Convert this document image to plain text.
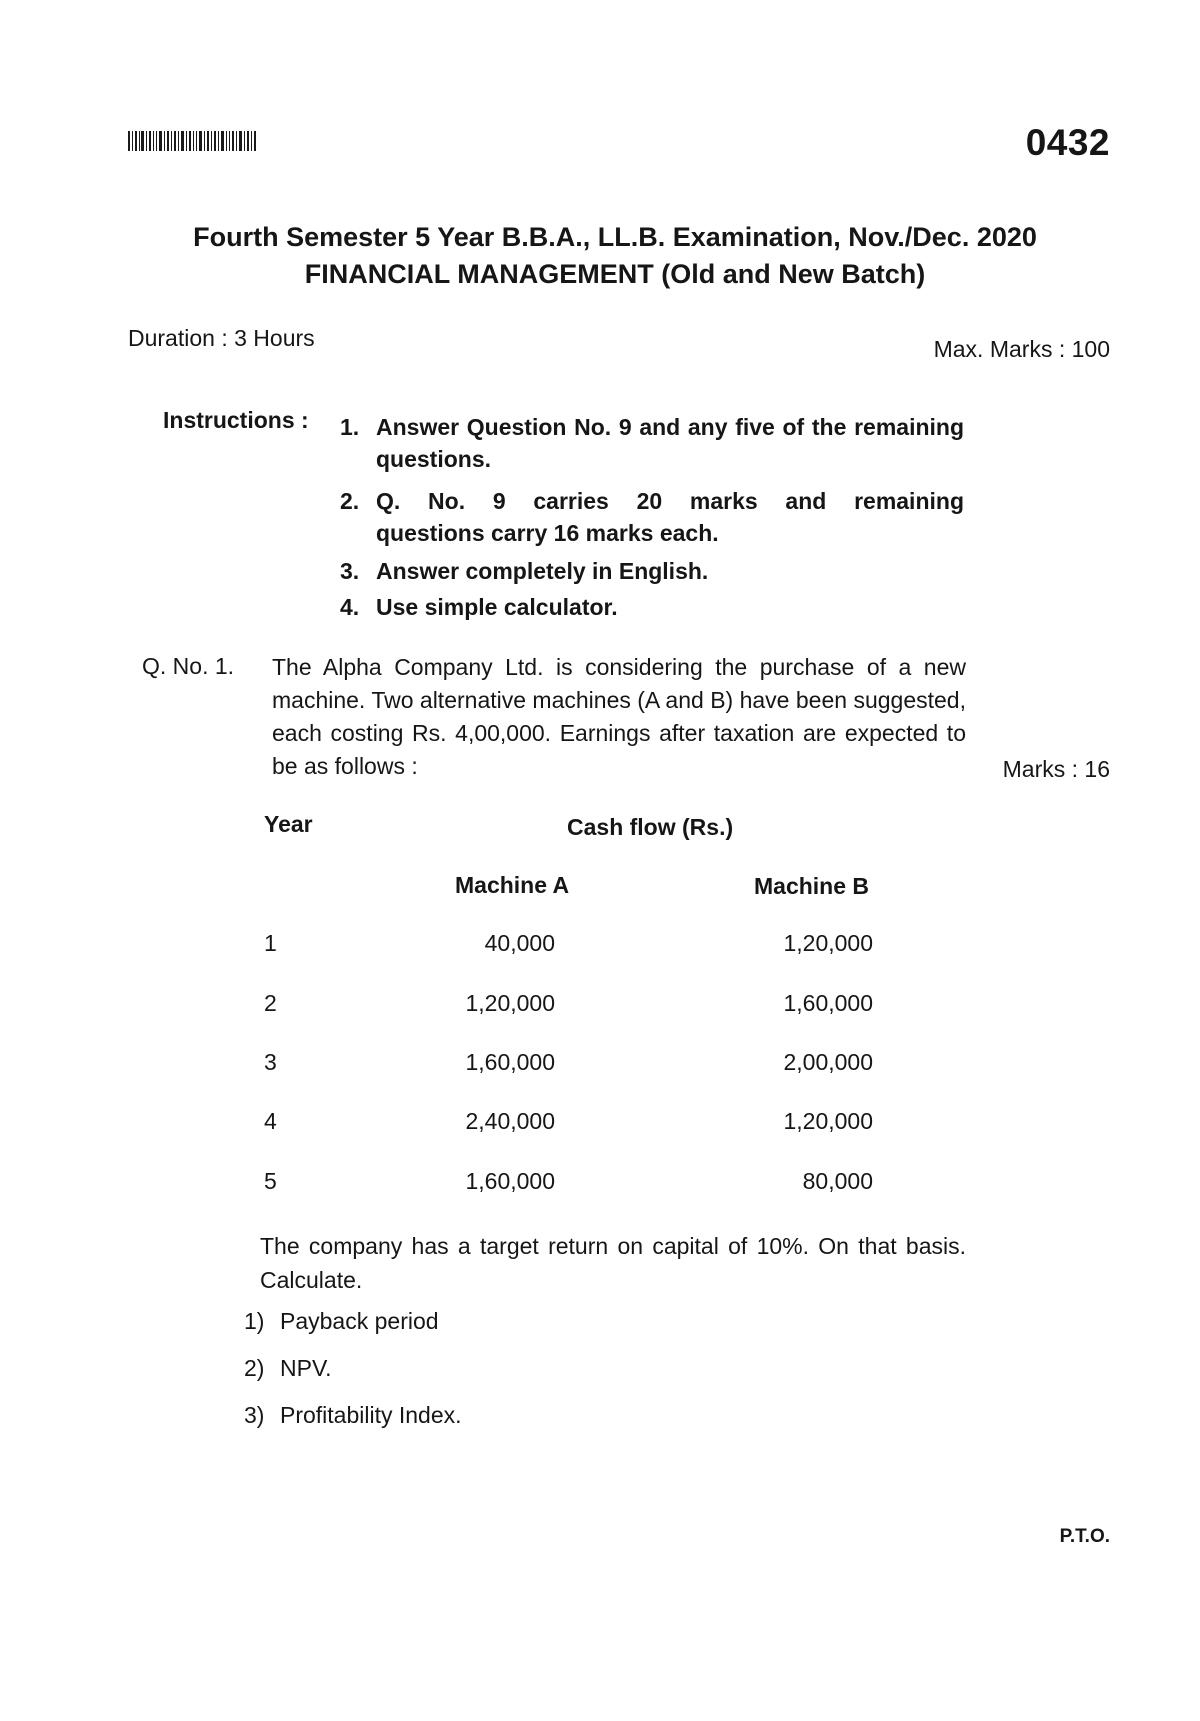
0432
Fourth Semester 5 Year B.B.A., LL.B. Examination, Nov./Dec. 2020
FINANCIAL MANAGEMENT (Old and New Batch)
Duration : 3 Hours	Max. Marks : 100
Instructions : 1. Answer Question No. 9 and any five of the remaining questions.
2. Q. No. 9 carries 20 marks and remaining
questions carry 16 marks each.
3. Answer completely in English.
4. Use simple calculator.
Q. No. 1. The Alpha Company Ltd. is considering the purchase of a new machine. Two alternative machines (A and B) have been suggested, each costing Rs. 4,00,000. Earnings after taxation are expected to be as follows :	Marks : 16
Year	Cash flow (Rs.)
Machine A	Machine B
1	40,000	1,20,000
2	1,20,000	1,60,000
3	1,60,000	2,00,000
4	2,40,000	1,20,000
5	1,60,000	80,000
The company has a target return on capital of 10%. On that basis. Calculate.
1) Payback period
2) NPV.
3) Profitability Index.
P.T.O.
